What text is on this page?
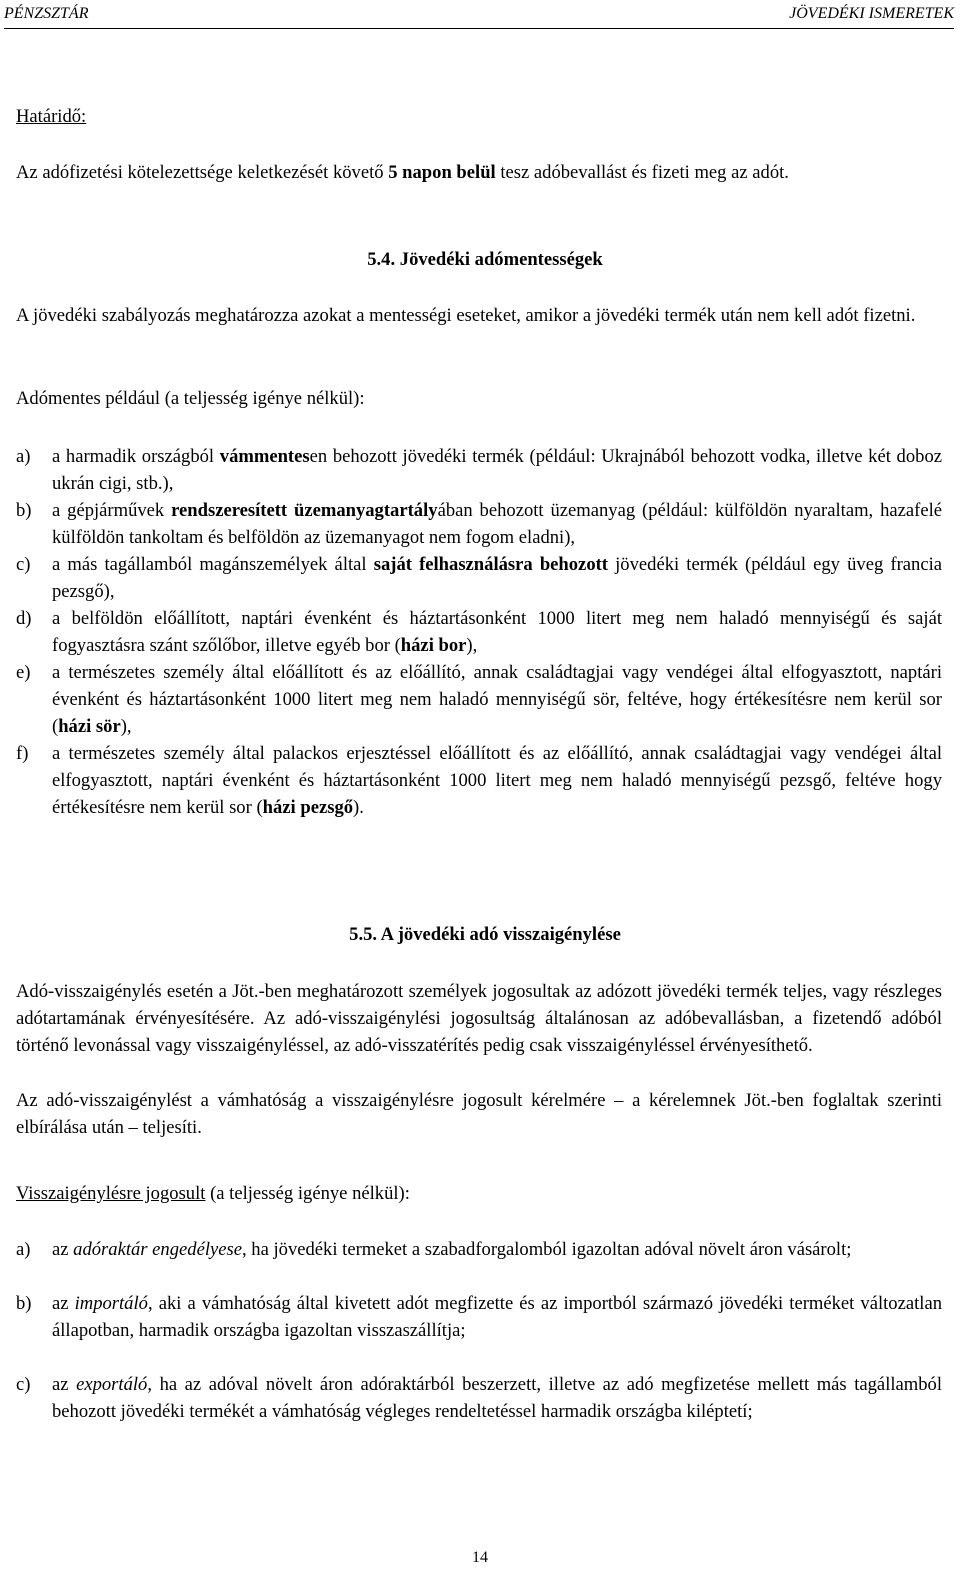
PÉNZSZTÁR	JÖVEDÉKI ISMERETEK
Határidő:
Az adófizetési kötelezettsége keletkezését követő 5 napon belül tesz adóbevallást és fizeti meg az adót.
5.4. Jövedéki adómentességek
A jövedéki szabályozás meghatározza azokat a mentességi eseteket, amikor a jövedéki termék után nem kell adót fizetni.
Adómentes például (a teljesség igénye nélkül):
a) a harmadik országból vámmentesen behozott jövedéki termék (például: Ukrajnából behozott vodka, illetve két doboz ukrán cigi, stb.),
b) a gépjárművek rendszeresített üzemanyagtartályában behozott üzemanyag (például: külföldön nyaraltam, hazafelé külföldön tankoltam és belföldön az üzemanyagot nem fogom eladni),
c) a más tagállamból magánszemélyek által saját felhasználásra behozott jövedéki termék (például egy üveg francia pezsgő),
d) a belföldön előállított, naptári évenként és háztartásonként 1000 litert meg nem haladó mennyiségű és saját fogyasztásra szánt szőlőbor, illetve egyéb bor (házi bor),
e) a természetes személy által előállított és az előállító, annak családtagjai vagy vendégei által elfogyasztott, naptári évenként és háztartásonként 1000 litert meg nem haladó mennyiségű sör, feltéve, hogy értékesítésre nem kerül sor (házi sör),
f) a természetes személy által palackos erjesztéssel előállított és az előállító, annak családtagjai vagy vendégei által elfogyasztott, naptári évenként és háztartásonként 1000 litert meg nem haladó mennyiségű pezsgő, feltéve hogy értékesítésre nem kerül sor (házi pezsgő).
5.5. A jövedéki adó visszaigénylése
Adó-visszaigénylés esetén a Jöt.-ben meghatározott személyek jogosultak az adózott jövedéki termék teljes, vagy részleges adótartamának érvényesítésére. Az adó-visszaigénylési jogosultság általánosan az adóbevallásban, a fizetendő adóból történő levonással vagy visszaigényléssel, az adó-visszatérítés pedig csak visszaigényléssel érvényesíthető.
Az adó-visszaigénylést a vámhatóság a visszaigénylésre jogosult kérelmére – a kérelemnek Jöt.-ben foglaltak szerinti elbírálása után – teljesíti.
Visszaigénylésre jogosult (a teljesség igénye nélkül):
a) az adóraktár engedélyese, ha jövedéki termeket a szabadforgalomból igazoltan adóval növelt áron vásárolt;
b) az importáló, aki a vámhatóság által kivetett adót megfizette és az importból származó jövedéki terméket változatlan állapotban, harmadik országba igazoltan visszaszállítja;
c) az exportáló, ha az adóval növelt áron adóraktárból beszerzett, illetve az adó megfizetése mellett más tagállamból behozott jövedéki termékét a vámhatóság végleges rendeltetéssel harmadik országba kiléptetí;
14
